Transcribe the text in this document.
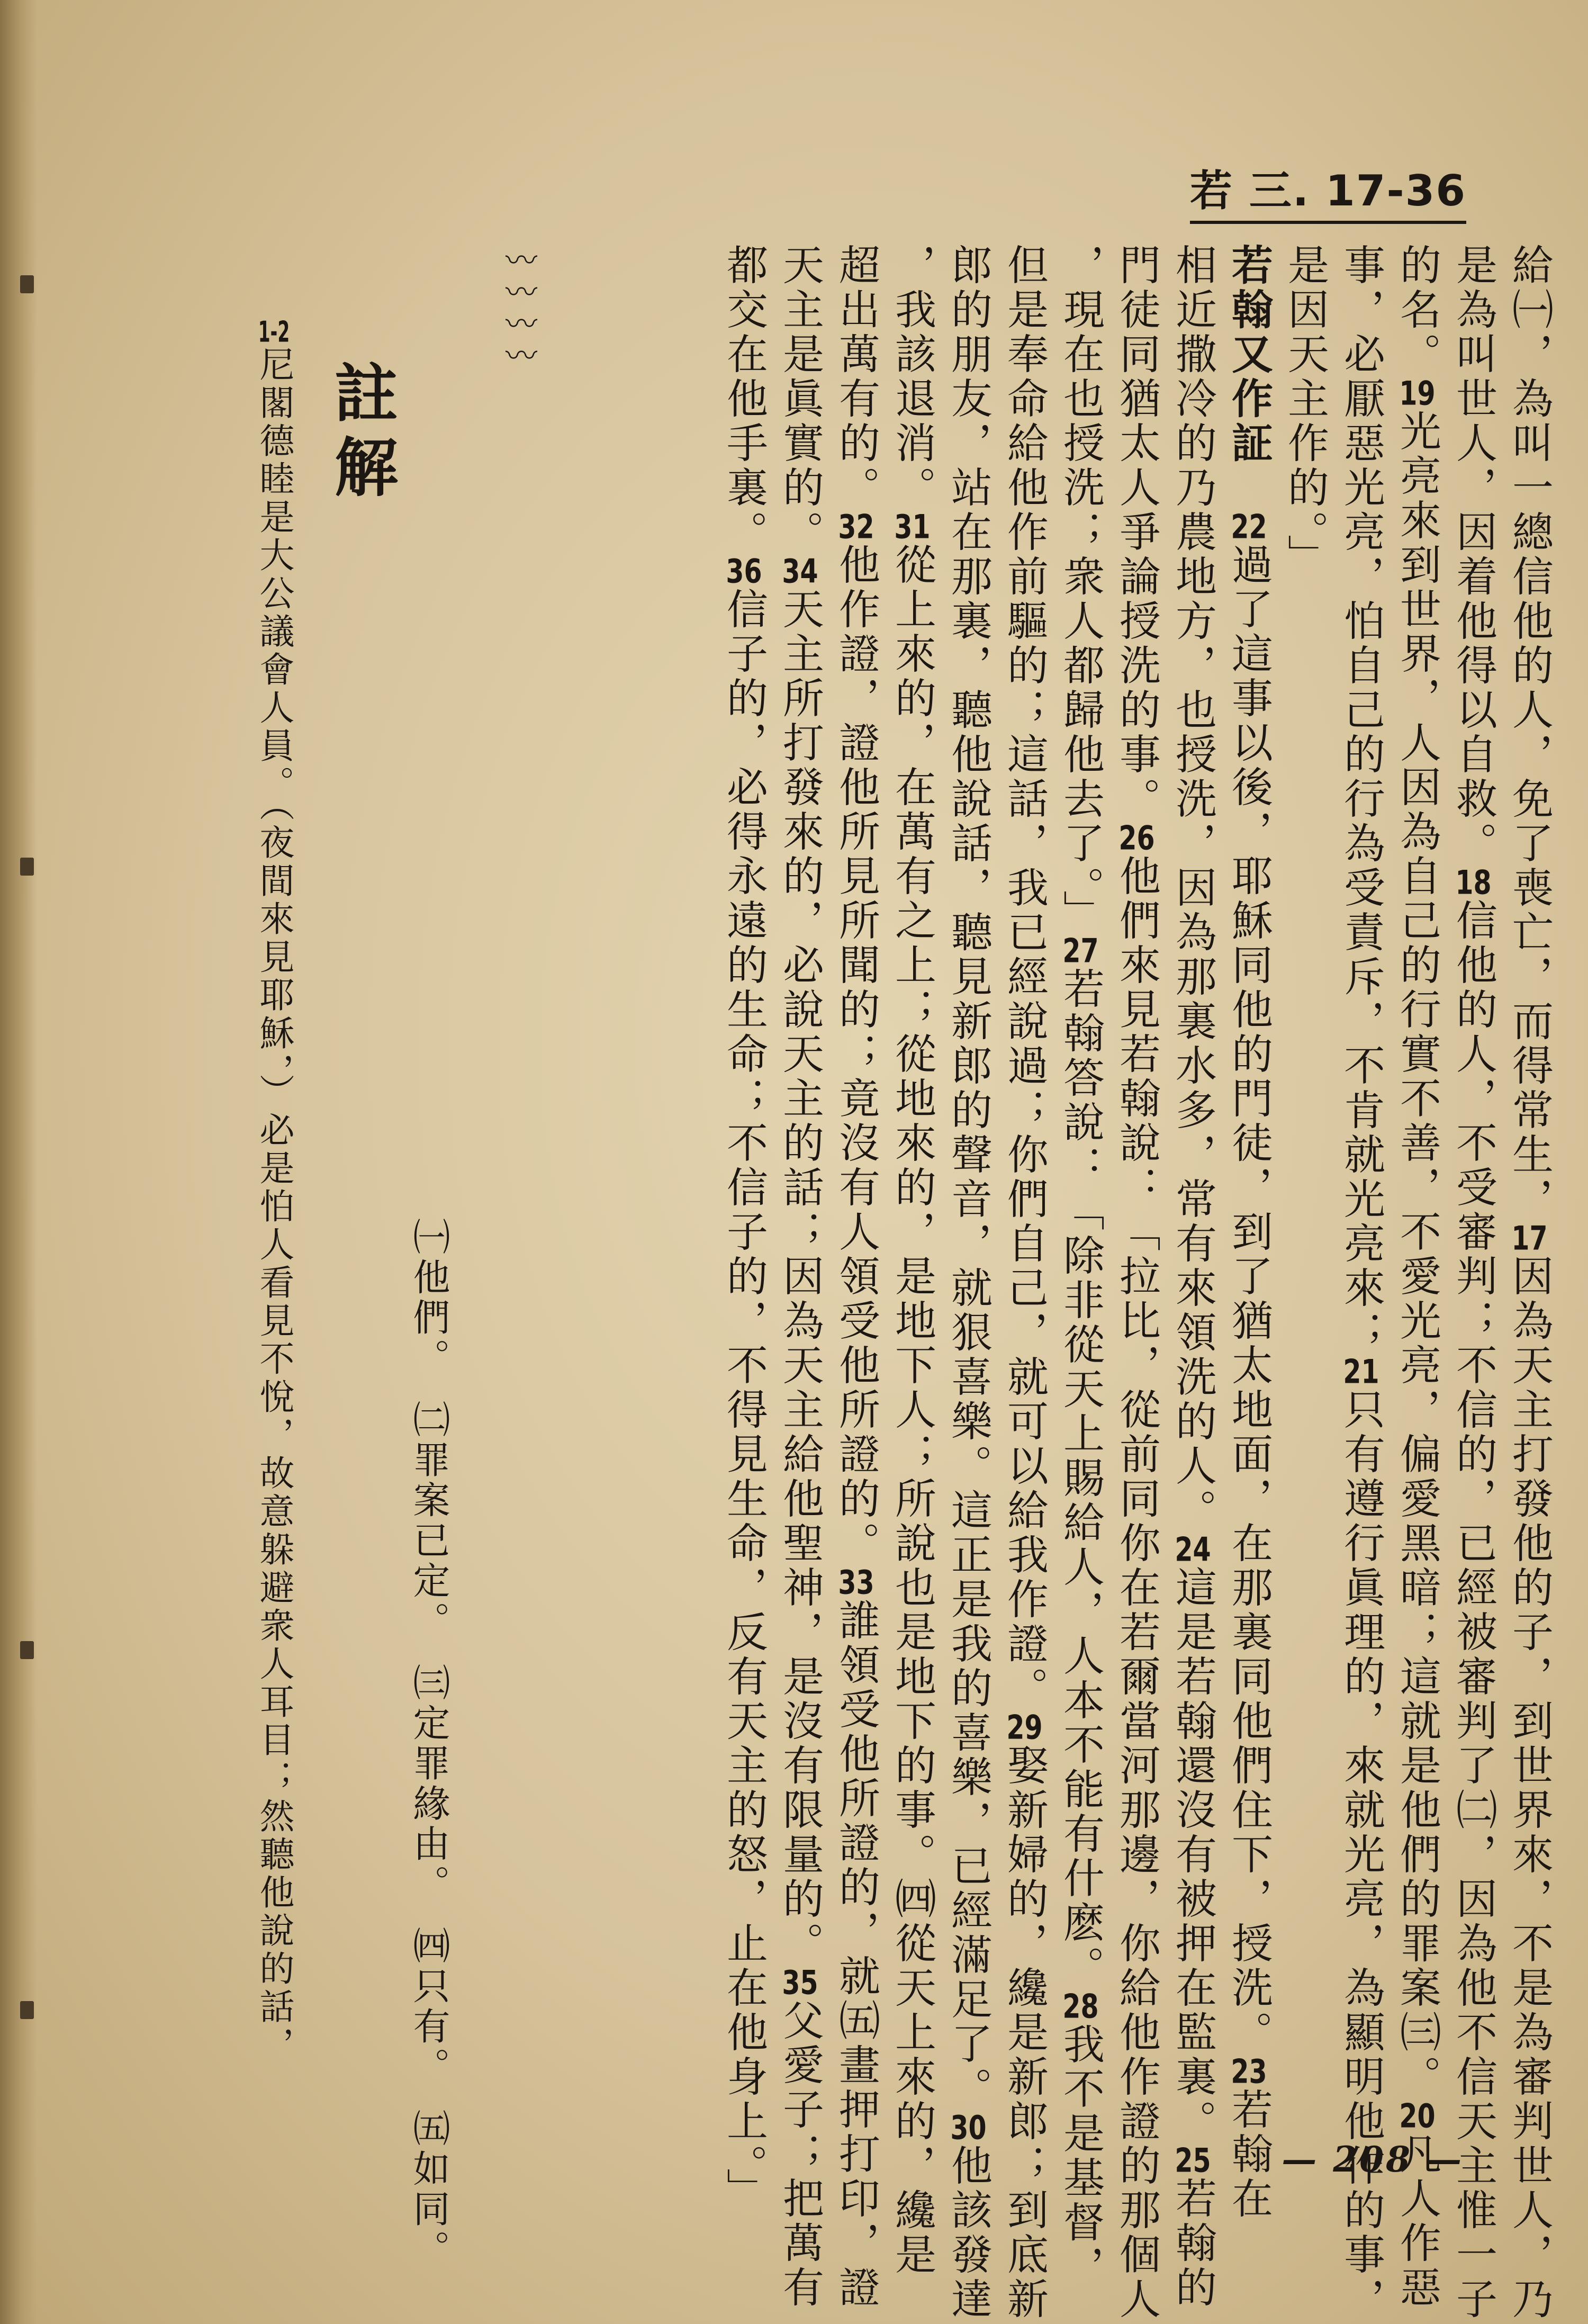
若 三. 17-36
給㈠，為叫一總信他的人，免了喪亡，而得常生，17因為天主打發他的子，到世界來，不是為審判世人，乃
是為叫世人，因着他得以自救。18信他的人，不受審判；不信的，已經被審判了㈡，因為他不信天主惟一子
的名。19光亮來到世界，人因為自己的行實不善，不愛光亮，偏愛黑暗；這就是他們的罪案㈢。20凡人作惡
事，必厭惡光亮，怕自己的行為受責斥，不肯就光亮來；21只有遵行眞理的，來就光亮，為顯明他作的事，
是因天主作的。」
若翰又作証　22過了這事以後，耶穌同他的門徒，到了猶太地面，在那裏同他們住下，授洗。23若翰在
相近撒冷的乃農地方，也授洗，因為那裏水多，常有來領洗的人。24這是若翰還沒有被押在監裏。25若翰的
門徒同猶太人爭論授洗的事。26他們來見若翰說：「拉比，從前同你在若爾當河那邊，你給他作證的那個人
，現在也授洗；衆人都歸他去了。」27若翰答說：「除非從天上賜給人，人本不能有什麽。28我不是基督，
但是奉命給他作前驅的；這話，我已經說過；你們自己，就可以給我作證。29娶新婦的，纔是新郎；到底新
郎的朋友，站在那裏，聽他說話，聽見新郎的聲音，就狠喜樂。這正是我的喜樂，已經滿足了。30他該發達
，我該退消。31從上來的，在萬有之上；從地來的，是地下人；所說也是地下的事。㈣從天上來的，纔是
超出萬有的。32他作證，證他所見所聞的；竟沒有人領受他所證的。33誰領受他所證的，就㈤畫押打印，證
天主是眞實的。34天主所打發來的，必說天主的話；因為天主給他聖神，是沒有限量的。35父愛子；把萬有
都交在他手裏。36信子的，必得永遠的生命；不信子的，不得見生命，反有天主的怒，止在他身上。」
〰〰〰〰
㈠他們。　㈡罪案已定。　㈢定罪緣由。　㈣只有。　㈤如同。
註解
1-2尼閣德睦是大公議會人員。（夜間來見耶穌，）必是怕人看見不悅，故意躲避衆人耳目；然聽他說的話，
— 208 —
